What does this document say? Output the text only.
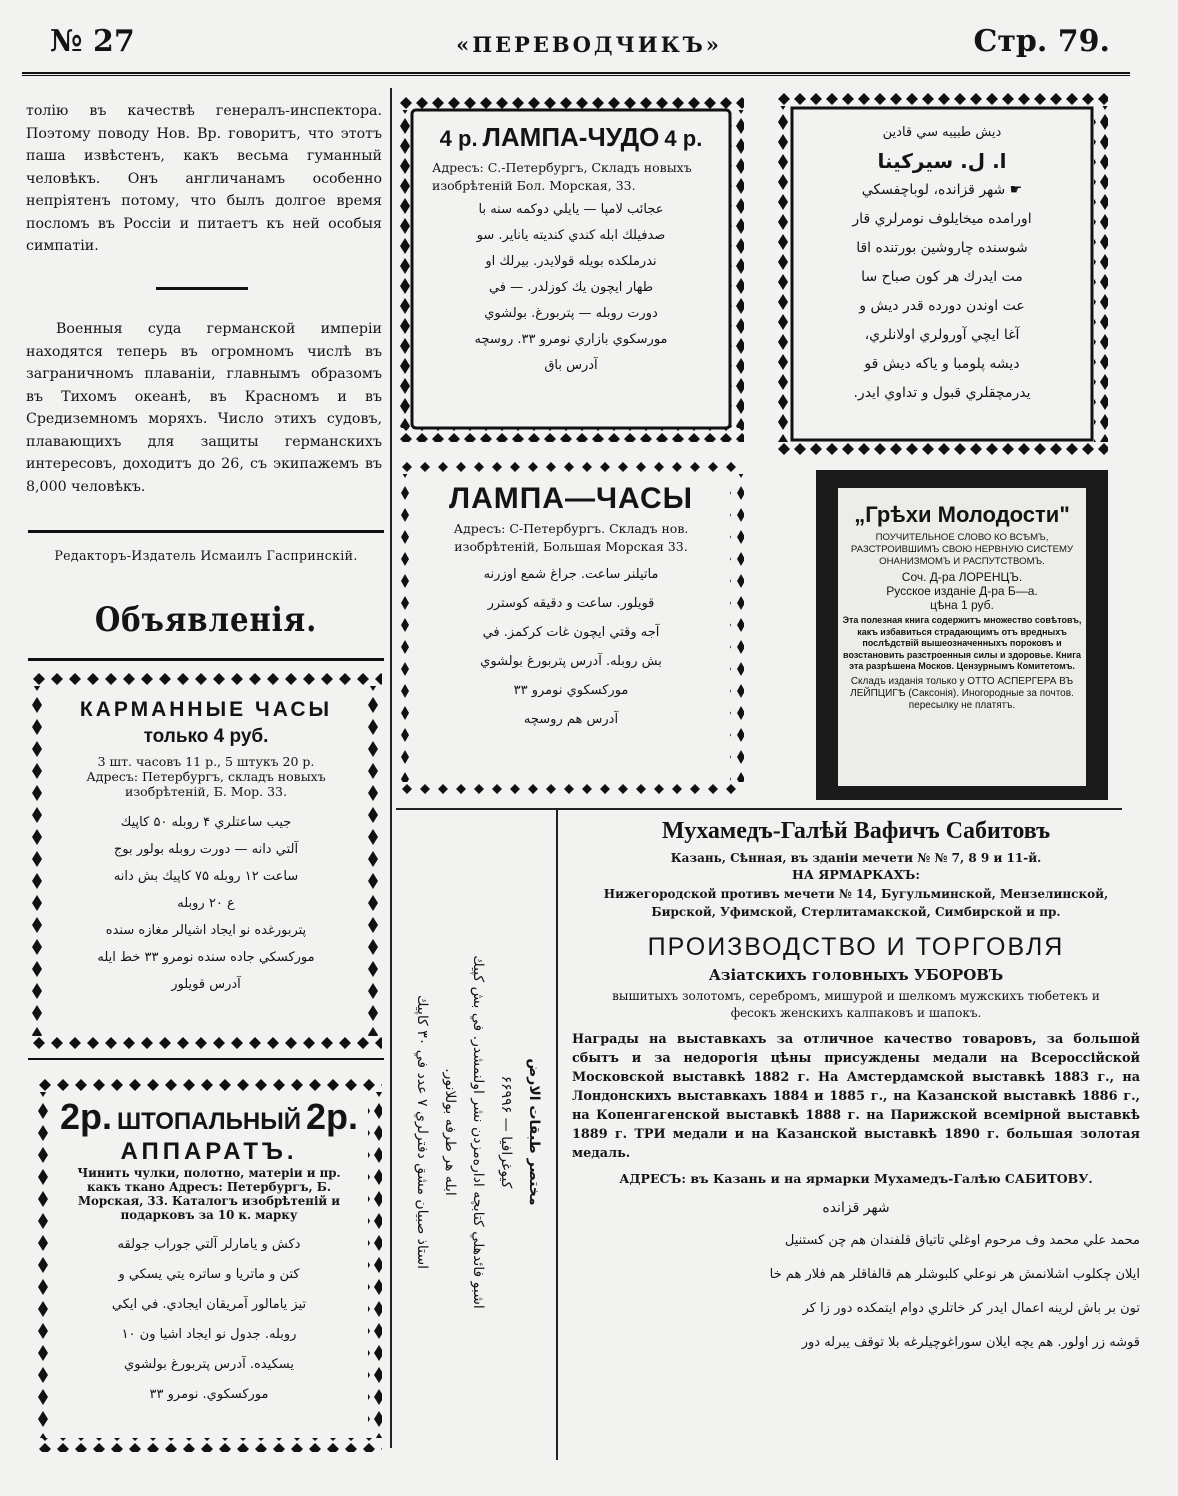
№ 27	«ПЕРЕВОДЧИКЪ»	Стр. 79.

толію въ качествѣ генералъ-инспектора. Поэтому поводу Нов. Вр. говоритъ, что этотъ паша извѣстенъ, какъ весьма гуманный человѣкъ. Онъ англичанамъ особенно непріятенъ потому, что былъ долгое время посломъ въ Россіи и питаетъ къ ней особыя симпатіи.

Военныя суда германской имперіи находятся теперь въ огромномъ числѣ въ заграничномъ плаваніи, главнымъ образомъ въ Тихомъ океанѣ, въ Красномъ и въ Средиземномъ моряхъ. Число этихъ судовъ, плавающихъ для защиты германскихъ интересовъ, доходитъ до 26, съ экипажемъ въ 8,000 человѣкъ.

Редакторъ-Издатель Исмаилъ Гаспринскій.
Объявленія.
КАРМАННЫЕ ЧАСЫ
только 4 руб.
3 шт. часовъ 11 р., 5 штукъ 20 р.
Адресъ: Петербургъ, складъ новыхъ
изобрѣтеній, Б. Мор. 33.
جيب ساعتلري ۴ روبله ۵۰ كاپيك
آلتي دانه — دورت روبله بولور بوج
ساعت ۱۲ روبله ۷۵ كاپيك بش دانه
ع ۲۰ روبله
پتربورغده نو ايجاد اشيالر مغازه سنده
موركسكي جاده سنده نومرو ۳۳ خط ايله
آدرس قويلور
2р. ШТОПАЛЬНЫЙ 2р.
АППАРАТЪ.
Чинить чулки, полотно, матеріи и пр. какъ ткано Адресъ: Петербургъ, Б. Морская, 33. Каталогъ изобрѣтеній и подарковъ за 10 к. марку
دكش و يامارلر آلتي جوراب جولقه
كتن و ماتريا و ساتره يتي يسكي و
تيز يامالور آمريقان ايجادي. في ايكي
روبله. جدول نو ايجاد اشيا ون ۱۰
يسكيده. آدرس پتربورغ بولشوي
موركسكوي. نومرو ۳۳
4 р. ЛАМПА-ЧУДО 4 р.
Адресъ: С.-Петербургъ, Складъ новыхъ изобрѣтеній Бол. Морская, 33.
عجائب لامپا — يايلي دوكمه سنه با
صدفيلك ابله كندي كنديته ياناير. سو
ندرملكده بويله قولايدر. بيرلك او
طهار ايچون يك كوزلدر. — في
دورت روبله — پتربورغ. بولشوي
مورسكوي بازاري نومرو ۳۳. روسچه
آدرس باق
ЛАМПА—ЧАСЫ
Адресъ: С-Петербургъ. Складъ нов. изобрѣтеній, Большая Морская 33.
ماتيلنر ساعت. جراغ شمع اوزرنه
قويلور. ساعت و دقيقه كوسترر
آجه وقتي ايچون غات كركمز. في
بش روبله. آدرس پتربورغ بولشوي
موركسكوي نومرو ۳۳
آدرس هم روسچه
ديش طبيبه سي قادين
ا. ل. سيركينا
☛ شهر قزانده، لوباچفسكي
اورامده ميخايلوف نومرلري قار
شوسنده چاروشين بورتنده اقا
مت ايدرك هر كون صباح سا
عت اوندن دورده قدر ديش و
آغا ايچي آورولري اولانلري،
ديشه پلومبا و ياكه ديش قو
يدرمچقلري قبول و تداوي ايدر.
„Грѣхи Молодости"
ПОУЧИТЕЛЬНОЕ СЛОВО КО ВСѢМЪ, РАЗСТРОИВШИМЪ СВОЮ НЕРВНУЮ СИСТЕМУ ОНАНИЗМОМЪ И РАСПУТСТВОМЪ.
Соч. Д-ра ЛОРЕНЦЪ.
Русское изданіе Д-ра Б—а.
цѣна 1 руб.
Эта полезная книга содержитъ множество совѣтовъ, какъ избавиться страдающимъ отъ вредныхъ послѣдствій вышеозначенныхъ пороковъ и возстановить разстроенныя силы и здоровье. Книга эта разрѣшена Москов. Цензурнымъ Комитетомъ.
Складъ изданія только у ОТТО АСПЕРГЕРА ВЪ ЛЕЙПЦИГѢ (Саксонія). Иногородные за почтов. пересылку не платятъ.
مختصر طبقات الارض
كيوغرافيا — ۶۶۹۹۶
اشبو فائدهلي كتابچه اداره‌مزدن نشر اولنمشدر. في بش كپيك
ابله هر طرفه بوللانور.
استاذ صبيان مشق دفترلري ۷ عدد في ۳۰ كاپيك
Мухамедъ-Галѣй Вафичъ Сабитовъ
Казань, Сѣнная, въ зданіи мечети № № 7, 8 9 и 11-й.
НА ЯРМАРКАХЪ:
Нижегородской противъ мечети № 14, Бугульминской, Мензелинской, Бирской, Уфимской, Стерлитамакской, Симбирской и пр.
ПРОИЗВОДСТВО И ТОРГОВЛЯ
Азіатскихъ головныхъ УБОРОВЪ
вышитыхъ золотомъ, серебромъ, мишурой и шелкомъ мужскихъ тюбетекъ и фесокъ женскихъ калпаковъ и шапокъ.
Награды на выставкахъ за отличное качество товаровъ, за большой сбытъ и за недорогія цѣны присуждены медали на Всероссійской Московской выставкѣ 1882 г. На Амстердамской выставкѣ 1883 г., на Лондонскихъ выставкахъ 1884 и 1885 г., на Казанской выставкѣ 1886 г., на Копенгагенской выставкѣ 1888 г. на Парижской всемірной выставкѣ 1889 г. ТРИ медали и на Казанской выставкѣ 1890 г. большая золотая медаль.
АДРЕСЪ: въ Казань и на ярмарки Мухамедъ-Галѣю САБИТОВУ.
شهر قزانده
محمد علي محمد وف مرحوم اوغلي تاتياق قلفندان هم چن كستنيل
ايلان چكلوب اشلانمش هر نوعلي كلبوشلر هم قالفاقلر هم فلار هم خا
تون بر باش لرينه اعمال ايدر كر خاتلري دوام ايتمكده دور زا كر
قوشه زر اولور. هم يچه ايلان سوراغوچيلرغه بلا توقف يبرله دور
